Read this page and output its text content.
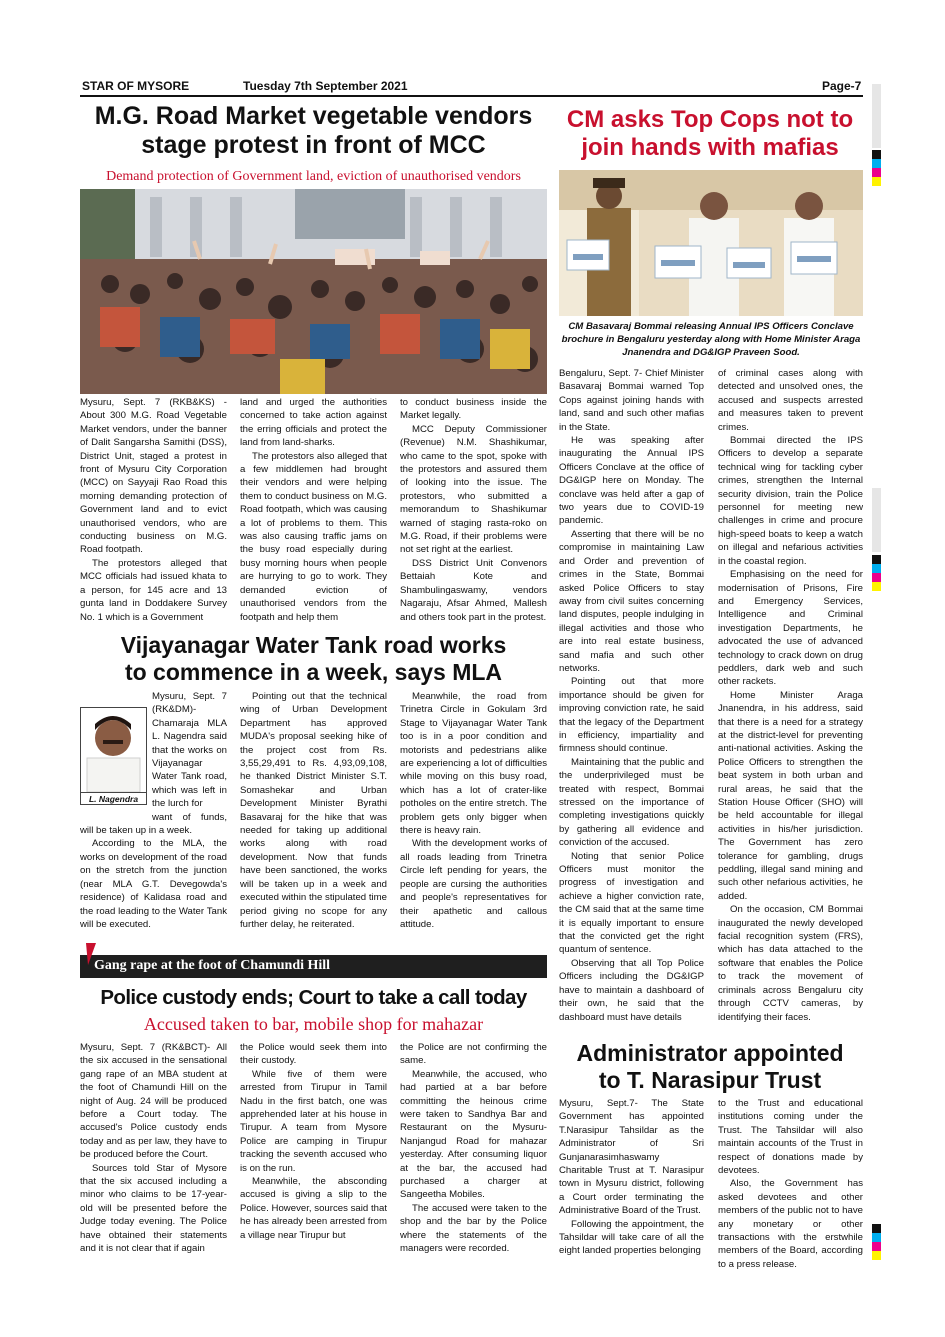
STAR OF MYSORE	Tuesday 7th September 2021	Page-7
M.G. Road Market vegetable vendors
stage protest in front of MCC
Demand protection of Government land, eviction of unauthorised vendors

Mysuru, Sept. 7 (RKB&KS) - About 300 M.G. Road Vegetable Market vendors, under the banner of Dalit Sangarsha Samithi (DSS), District Unit, staged a protest in front of Mysuru City Corporation (MCC) on Sayyaji Rao Road this morning demanding protection of Government land and to evict unauthorised vendors, who are conducting business on M.G. Road footpath.

The protestors alleged that MCC officials had issued khata to a person, for 145 acre and 13 gunta land in Doddakere Survey No. 1 which is a Government

land and urged the authorities concerned to take action against the erring officials and protect the land from land-sharks.

The protestors also alleged that a few middlemen had brought their vendors and were helping them to conduct business on M.G. Road footpath, which was causing a lot of problems to them. This was also causing traffic jams on the busy road especially during busy morning hours when people are hurrying to go to work. They demanded eviction of unauthorised vendors from the footpath and help them

to conduct business inside the Market legally.

MCC Deputy Commissioner (Revenue) N.M. Shashikumar, who came to the spot, spoke with the protestors and assured them of looking into the issue. The protestors, who submitted a memorandum to Shashikumar warned of staging rasta-roko on M.G. Road, if their problems were not set right at the earliest.

DSS District Unit Convenors Bettaiah Kote and Shambulingaswamy, vendors Nagaraju, Afsar Ahmed, Mallesh and others took part in the protest.

CM asks Top Cops not to
join hands with mafias
CM Basavaraj Bommai releasing Annual IPS Officers Conclave brochure in Bengaluru yesterday along with Home Minister Araga Jnanendra and DG&IGP Praveen Sood.

Bengaluru, Sept. 7- Chief Minister Basavaraj Bommai warned Top Cops against joining hands with land, sand and such other mafias in the State.

He was speaking after inaugurating the Annual IPS Officers Conclave at the office of DG&IGP here on Monday. The conclave was held after a gap of two years due to COVID-19 pandemic.

Asserting that there will be no compromise in maintaining Law and Order and prevention of crimes in the State, Bommai asked Police Officers to stay away from civil suites concerning land disputes, people indulging in illegal activities and those who are into real estate business, sand mafia and such other networks.

Pointing out that more importance should be given for improving conviction rate, he said that the legacy of the Department in efficiency, impartiality and firmness should continue.

Maintaining that the public and the underprivileged must be treated with respect, Bommai stressed on the importance of completing investigations quickly by gathering all evidence and conviction of the accused.

Noting that senior Police Officers must monitor the progress of investigation and achieve a higher conviction rate, the CM said that at the same time it is equally important to ensure that the convicted get the right quantum of sentence.

Observing that all Top Police Officers including the DG&IGP have to maintain a dashboard of their own, he said that the dashboard must have details

of criminal cases along with detected and unsolved ones, the accused and suspects arrested and measures taken to prevent crimes.

Bommai directed the IPS Officers to develop a separate technical wing for tackling cyber crimes, strengthen the Internal security division, train the Police personnel for meeting new challenges in crime and procure high-speed boats to keep a watch on illegal and nefarious activities in the coastal region.

Emphasising on the need for modernisation of Prisons, Fire and Emergency Services, Intelligence and Criminal investigation Departments, he advocated the use of advanced technology to crack down on drug peddlers, dark web and such other rackets.

Home Minister Araga Jnanendra, in his address, said that there is a need for a strategy at the district-level for preventing anti-national activities. Asking the Police Officers to strengthen the beat system in both urban and rural areas, he said that the Station House Officer (SHO) will be held accountable for illegal activities in his/her jurisdiction. The Government has zero tolerance for gambling, drugs peddling, illegal sand mining and such other nefarious activities, he added.

On the occasion, CM Bommai inaugurated the newly developed facial recognition system (FRS), which has data attached to the software that enables the Police to track the movement of criminals across Bengaluru city through CCTV cameras, by identifying their faces.

Vijayanagar Water Tank road works
to commence in a week, says MLA
L. Nagendra

Mysuru, Sept. 7 (RK&DM)- Chamaraja MLA L. Nagendra said that the works on Vijayanagar Water Tank road, which was left in the lurch for

want of funds, will be taken up in a week.

According to the MLA, the works on development of the road on the stretch from the junction (near MLA G.T. Devegowda's residence) of Kalidasa road and the road leading to the Water Tank will be executed.

Pointing out that the technical wing of Urban Development Department has approved MUDA's proposal seeking hike of the project cost from Rs. 3,55,29,491 to Rs. 4,93,09,108, he thanked District Minister S.T. Somashekar and Urban Development Minister Byrathi Basavaraj for the hike that was needed for taking up additional works along with road development. Now that funds have been sanctioned, the works will be taken up in a week and executed within the stipulated time period giving no scope for any further delay, he reiterated.

Meanwhile, the road from Trinetra Circle in Gokulam 3rd Stage to Vijayanagar Water Tank too is in a poor condition and motorists and pedestrians alike are experiencing a lot of difficulties while moving on this busy road, which has a lot of crater-like potholes on the entire stretch. The problem gets only bigger when there is heavy rain.

With the development works of all roads leading from Trinetra Circle left pending for years, the people are cursing the authorities and people's representatives for their apathetic and callous attitude.

Gang rape at the foot of Chamundi Hill
Police custody ends; Court to take a call today
Accused taken to bar, mobile shop for mahazar

Mysuru, Sept. 7 (RK&BCT)- All the six accused in the sensational gang rape of an MBA student at the foot of Chamundi Hill on the night of Aug. 24 will be produced before a Court today. The accused's Police custody ends today and as per law, they have to be produced before the Court.

Sources told Star of Mysore that the six accused including a minor who claims to be 17-year-old will be presented before the Judge today evening. The Police have obtained their statements and it is not clear that if again

the Police would seek them into their custody.

While five of them were arrested from Tirupur in Tamil Nadu in the first batch, one was apprehended later at his house in Tirupur. A team from Mysore Police are camping in Tirupur tracking the seventh accused who is on the run.

Meanwhile, the absconding accused is giving a slip to the Police. However, sources said that he has already been arrested from a village near Tirupur but

the Police are not confirming the same.

Meanwhile, the accused, who had partied at a bar before committing the heinous crime were taken to Sandhya Bar and Restaurant on the Mysuru-Nanjangud Road for mahazar yesterday. After consuming liquor at the bar, the accused had purchased a charger at Sangeetha Mobiles.

The accused were taken to the shop and the bar by the Police where the statements of the managers were recorded.

Administrator appointed
to T. Narasipur Trust

Mysuru, Sept.7- The State Government has appointed T.Narasipur Tahsildar as the Administrator of Sri Gunjanarasimhaswamy Charitable Trust at T. Narasipur town in Mysuru district, following a Court order terminating the Administrative Board of the Trust.

Following the appointment, the Tahsildar will take care of all the eight landed properties belonging

to the Trust and educational institutions coming under the Trust. The Tahsildar will also maintain accounts of the Trust in respect of donations made by devotees.

Also, the Government has asked devotees and other members of the public not to have any monetary or other transactions with the erstwhile members of the Board, according to a press release.
